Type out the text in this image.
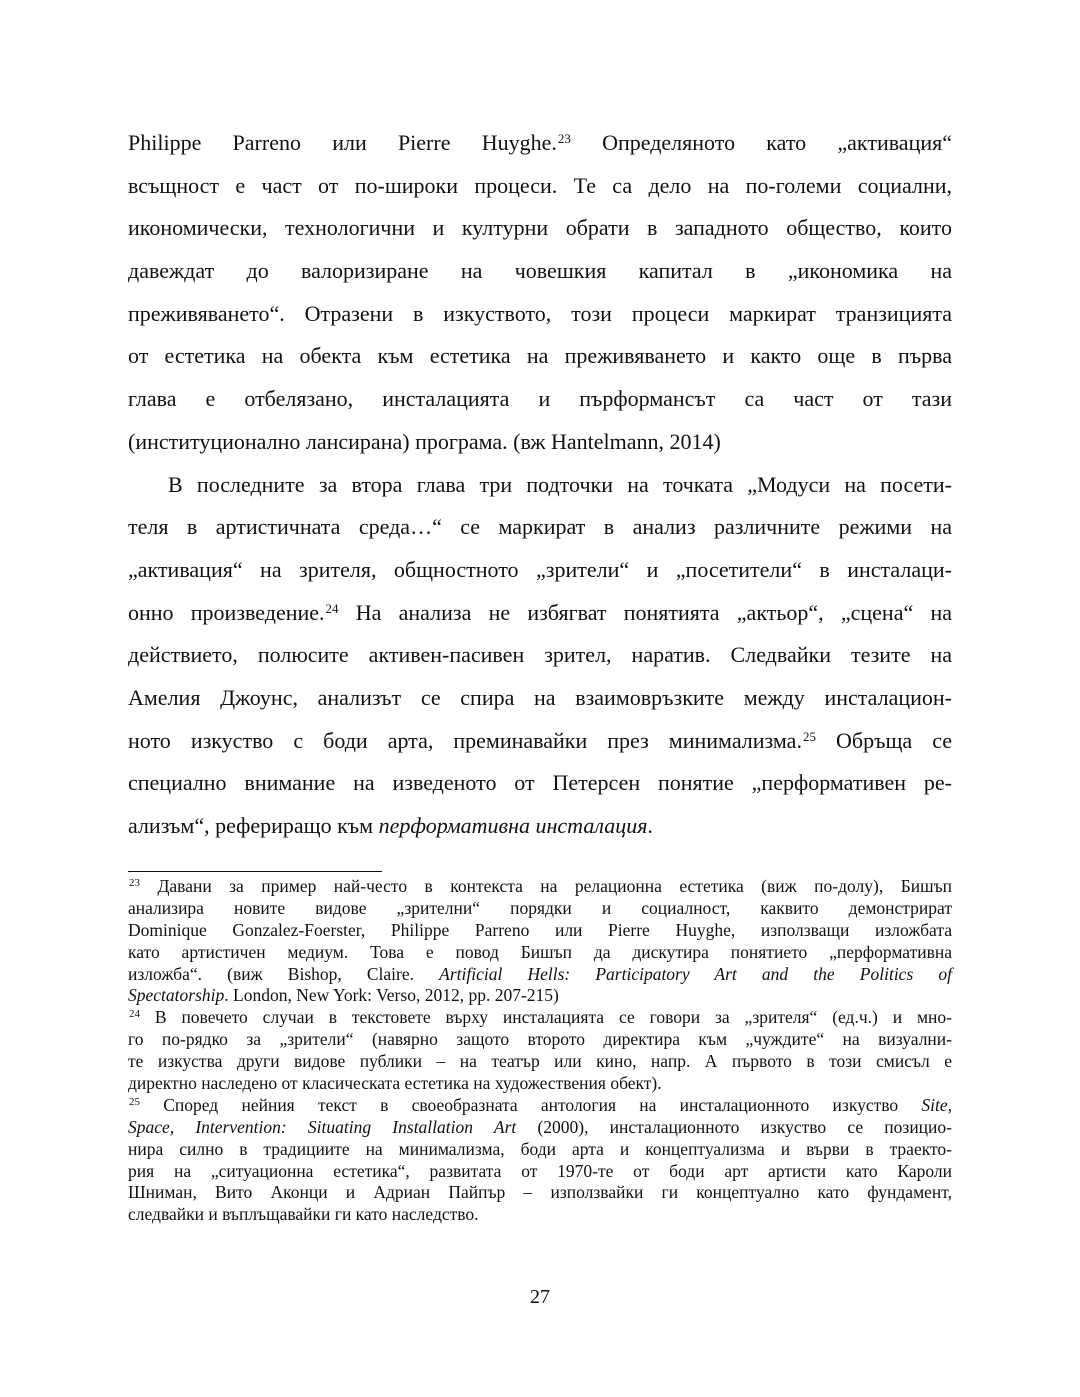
Philippe Parreno или Pierre Huyghe.$^{23}$ Определяното като „активация“
всъщност е част от по-широки процеси. Те са дело на по-големи социални,
икономически, технологични и културни обрати в западното общество, които
давеждат до валоризиране на човешкия капитал в „икономика на
преживяването“. Отразени в изкуството, този процеси маркират транзицията
от естетика на обекта към естетика на преживяването и както още в първа
глава е отбелязано, инсталацията и пърформансът са част от тази
(институционално лансирана) програма. (вж Hantelmann, 2014)
В последните за втора глава три подточки на точката „Модуси на посети-
теля в артистичната среда…“ се маркират в анализ различните режими на
„активация“ на зрителя, общностното „зрители“ и „посетители“ в инсталаци-
онно произведение.$^{24}$ На анализа не избягват понятията „актьор“, „сцена“ на
действието, полюсите активен-пасивен зрител, наратив. Следвайки тезите на
Амелия Джоунс, анализът се спира на взаимовръзките между инсталацион-
ното изкуство с боди арта, преминавайки през минимализма.$^{25}$ Обръща се
специално внимание на изведеното от Петерсен понятие „перформативен ре-
ализъм“, рефериращо към перформативна инсталация.
$^{23}$ Давани за пример най-често в контекста на релационна естетика (виж по-долу), Бишъп
анализира новите видове „зрителни“ порядки и социалност, каквито демонстрират
Dominique Gonzalez-Foerster, Philippe Parreno или Pierre Huyghe, използващи изложбата
като артистичен медиум. Това е повод Бишъп да дискутира понятието „перформативна
изложба“. (виж Bishop, Claire. Artificial Hells: Participatory Art and the Politics of
Spectatorship. London, New York: Verso, 2012, pp. 207-215)
$^{24}$ В повечето случаи в текстовете върху инсталацията се говори за „зрителя“ (ед.ч.) и мно-
го по-рядко за „зрители“ (навярно защото второто директира към „чуждите“ на визуални-
те изкуства други видове публики – на театър или кино, напр. А първото в този смисъл е
директно наследено от класическата естетика на художествения обект).
$^{25}$ Според нейния текст в своеобразната антология на инсталационното изкуство Site,
Space, Intervention: Situating Installation Art (2000), инсталационното изкуство се позицио-
нира силно в традициите на минимализма, боди арта и концептуализма и върви в траекто-
рия на „ситуационна естетика“, развитата от 1970-те от боди арт артисти като Кароли
Шниман, Вито Аконци и Адриан Пайпър – използвайки ги концептуално като фундамент,
следвайки и въплъщавайки ги като наследство.
27
